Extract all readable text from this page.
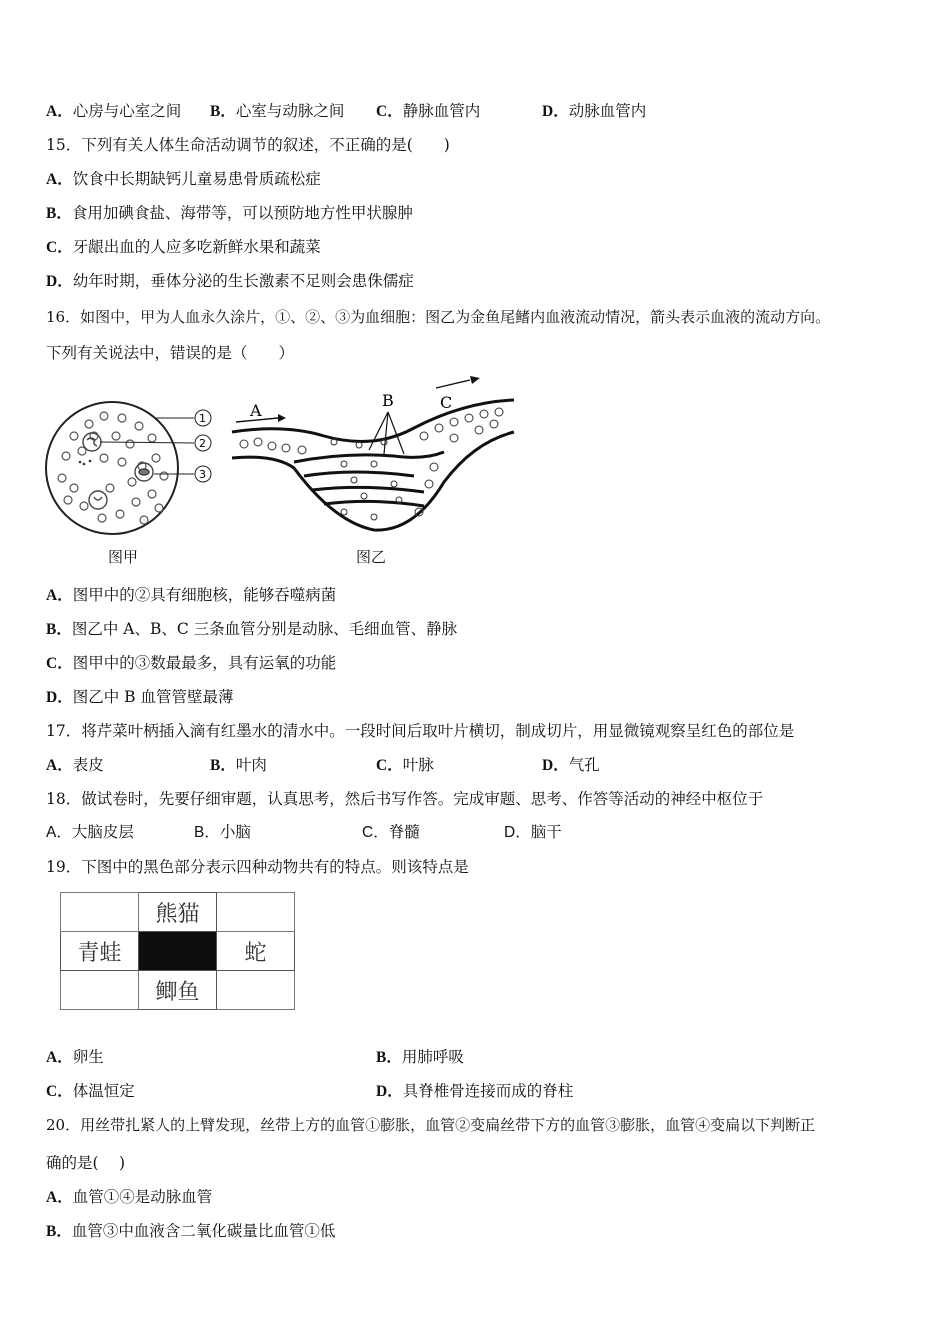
A．心房与心室之间 B．心室与动脉之间 C．静脉血管内	D．动脉血管内
15．下列有关人体生命活动调节的叙述，不正确的是(　　)
A．饮食中长期缺钙儿童易患骨质疏松症
B．食用加碘食盐、海带等，可以预防地方性甲状腺肿
C．牙龈出血的人应多吃新鲜水果和蔬菜
D．幼年时期，垂体分泌的生长激素不足则会患侏儒症
16．如图中，甲为人血永久涂片，①、②、③为血细胞：图乙为金鱼尾鳍内血液流动情况，箭头表示血液的流动方向。
下列有关说法中，错误的是（　　）
1
2
3
图甲
A
B	C
图乙
A．图甲中的②具有细胞核，能够吞噬病菌
B．图乙中 A、B、C 三条血管分别是动脉、毛细血管、静脉
C．图甲中的③数最最多，具有运氧的功能
D．图乙中 B 血管管壁最薄
17．将芹菜叶柄插入滴有红墨水的清水中。一段时间后取叶片横切，制成切片，用显微镜观察呈红色的部位是
A．表皮	B．叶肉	C．叶脉	D．气孔
18．做试卷时，先要仔细审题，认真思考，然后书写作答。完成审题、思考、作答等活动的神经中枢位于
A．大脑皮层	B．小脑	C．脊髓	D．脑干
19．下图中的黑色部分表示四种动物共有的特点。则该特点是
	熊猫	
青蛙		蛇
	鲫鱼	
A．卵生	B．用肺呼吸
C．体温恒定	D．具脊椎骨连接而成的脊柱
20．用丝带扎紧人的上臂发现，丝带上方的血管①膨胀，血管②变扁丝带下方的血管③膨胀，血管④变扁以下判断正
确的是(　 )
A．血管①④是动脉血管
B．血管③中血液含二氧化碳量比血管①低
